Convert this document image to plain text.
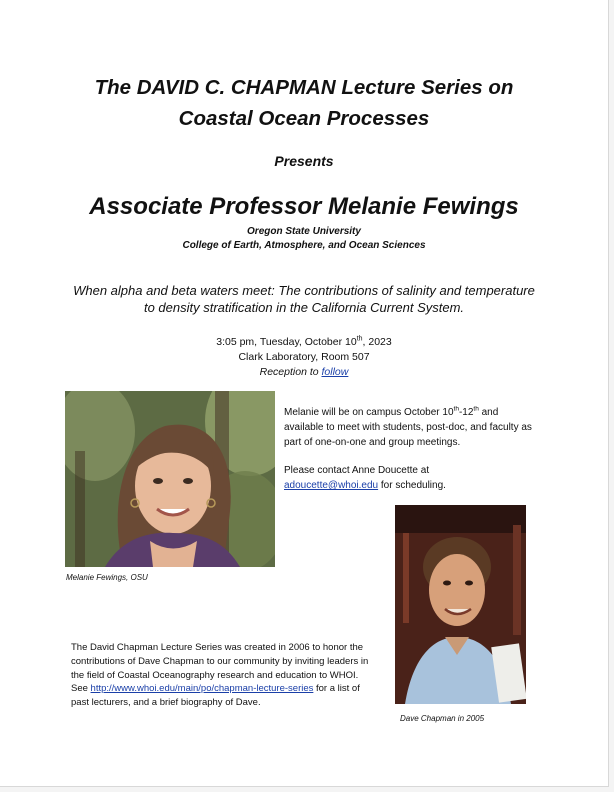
The DAVID C. CHAPMAN Lecture Series on
Coastal Ocean Processes
Presents
Associate Professor Melanie Fewings
Oregon State University
College of Earth, Atmosphere, and Ocean Sciences
When alpha and beta waters meet: The contributions of salinity and temperature
to density stratification in the California Current System.
3:05 pm, Tuesday, October 10th, 2023
Clark Laboratory, Room 507
Reception to follow
Melanie Fewings, OSU

Melanie will be on campus October 10th-12th and available to meet with students, post-doc, and faculty as part of one-on-one and group meetings.

Please contact Anne Doucette at
adoucette@whoi.edu for scheduling.

Dave Chapman in 2005
The David Chapman Lecture Series was created in 2006 to honor the contributions of Dave Chapman to our community by inviting leaders in the field of Coastal Oceanography research and education to WHOI. See http://www.whoi.edu/main/po/chapman-lecture-series for a list of past lecturers, and a brief biography of Dave.
